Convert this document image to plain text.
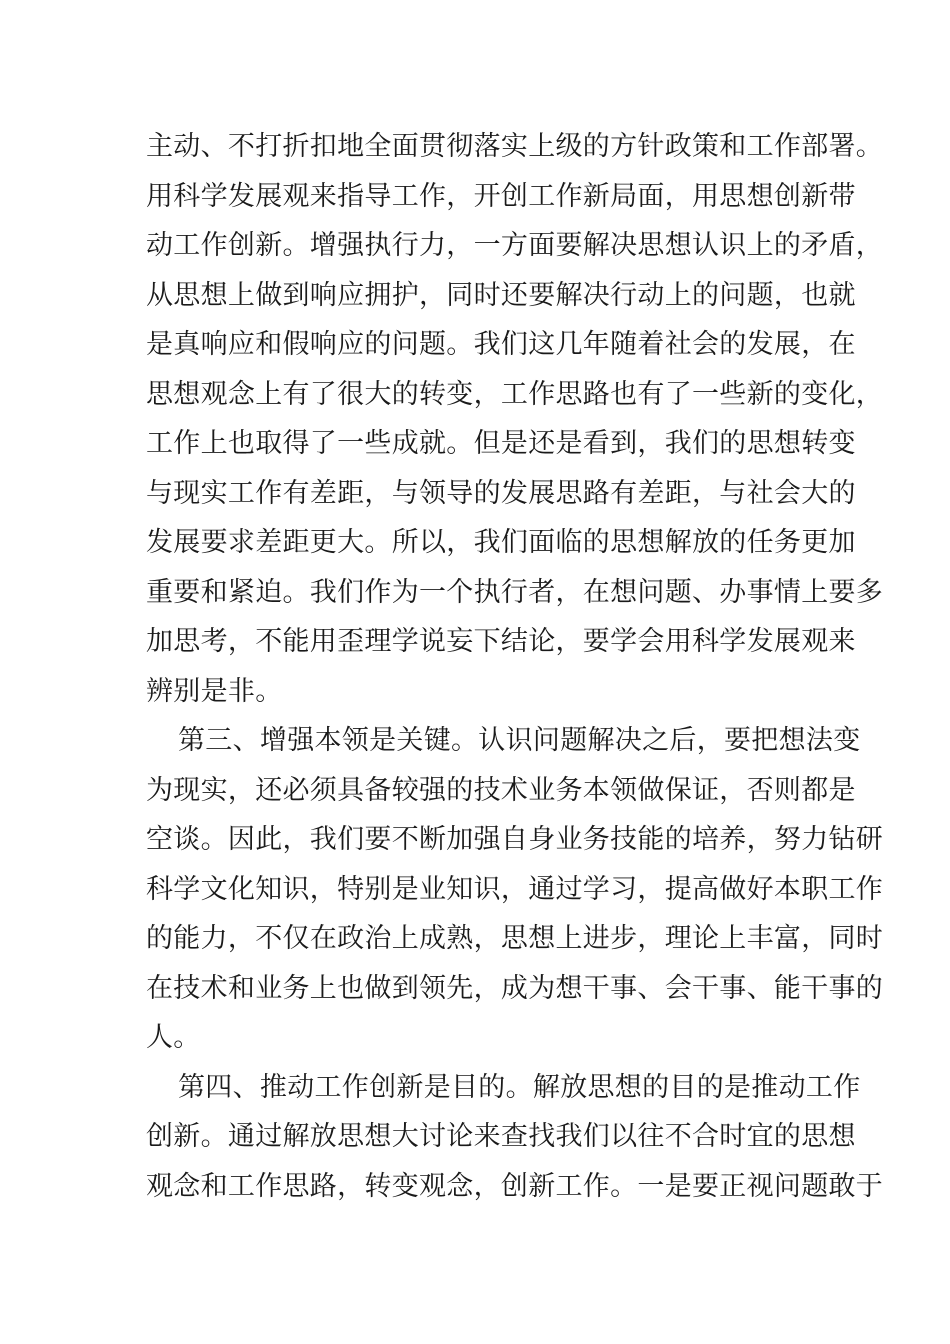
主动、不打折扣地全面贯彻落实上级的方针政策和工作部署。
用科学发展观来指导工作，开创工作新局面，用思想创新带
动工作创新。增强执行力，一方面要解决思想认识上的矛盾，
从思想上做到响应拥护，同时还要解决行动上的问题，也就
是真响应和假响应的问题。我们这几年随着社会的发展，在
思想观念上有了很大的转变，工作思路也有了一些新的变化，
工作上也取得了一些成就。但是还是看到，我们的思想转变
与现实工作有差距，与领导的发展思路有差距，与社会大的
发展要求差距更大。所以，我们面临的思想解放的任务更加
重要和紧迫。我们作为一个执行者，在想问题、办事情上要多
加思考，不能用歪理学说妄下结论，要学会用科学发展观来
辨别是非。
第三、增强本领是关键。认识问题解决之后，要把想法变
为现实，还必须具备较强的技术业务本领做保证，否则都是
空谈。因此，我们要不断加强自身业务技能的培养，努力钻研
科学文化知识，特别是业知识，通过学习，提高做好本职工作
的能力，不仅在政治上成熟，思想上进步，理论上丰富，同时
在技术和业务上也做到领先，成为想干事、会干事、能干事的
人。
第四、推动工作创新是目的。解放思想的目的是推动工作
创新。通过解放思想大讨论来查找我们以往不合时宜的思想
观念和工作思路，转变观念，创新工作。一是要正视问题敢于
